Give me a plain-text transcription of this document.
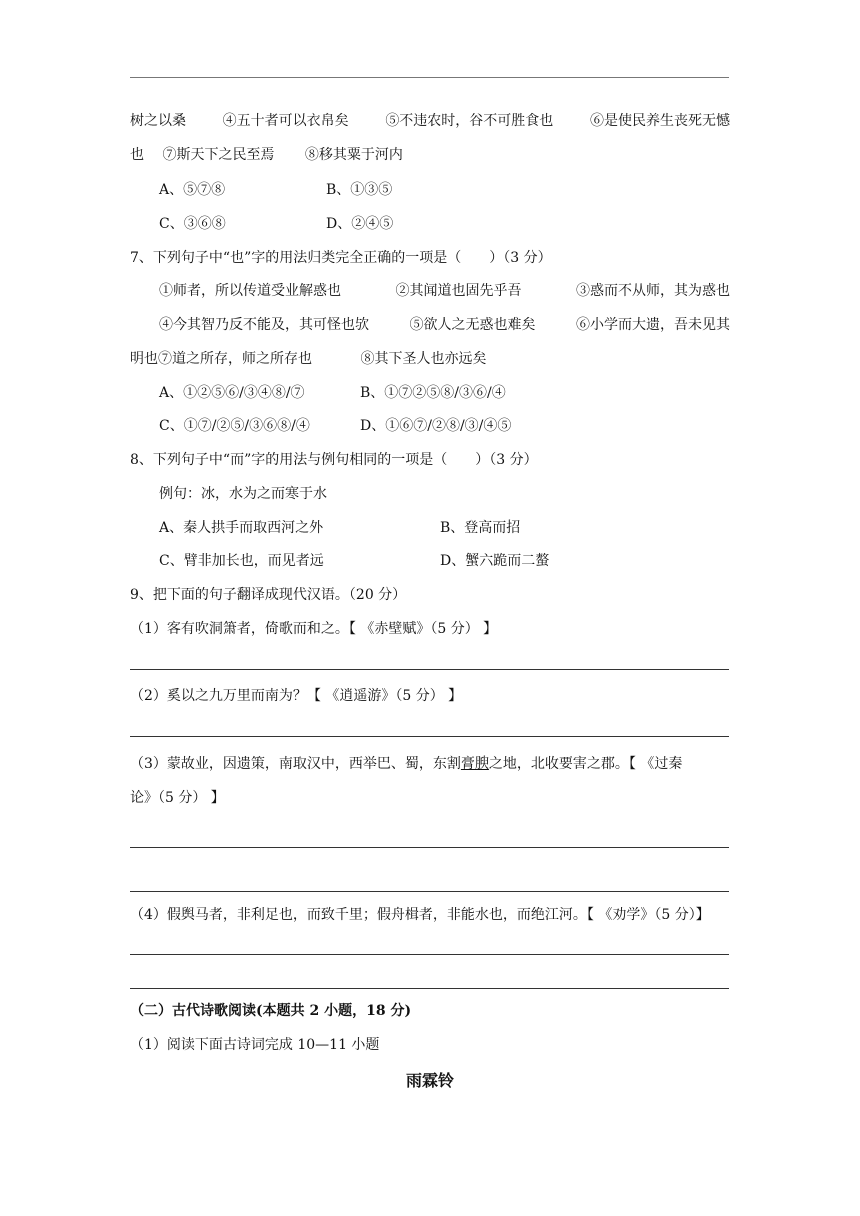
树之以桑	④五十者可以衣帛矣	⑤不违农时，谷不可胜食也	⑥是使民养生丧死无憾
也 ⑦斯天下之民至焉 ⑧移其粟于河内
A、⑤⑦⑧	B、①③⑤
C、③⑥⑧	D、②④⑤
7、下列句子中“也”字的用法归类完全正确的一项是（　　）（3 分）
①师者，所以传道受业解惑也	②其闻道也固先乎吾	③惑而不从师，其为惑也
④今其智乃反不能及，其可怪也欤	⑤欲人之无惑也难矣	⑥小学而大遗，吾未见其
明也⑦道之所存，师之所存也	⑧其下圣人也亦远矣
A、①②⑤⑥/③④⑧/⑦	B、①⑦②⑤⑧/③⑥/④
C、①⑦/②⑤/③⑥⑧/④	D、①⑥⑦/②⑧/③/④⑤
8、下列句子中“而”字的用法与例句相同的一项是（　　）（3 分）
例句：冰，水为之而寒于水
A、秦人拱手而取西河之外	B、登高而招
C、臂非加长也，而见者远	D、蟹六跪而二螯
9、把下面的句子翻译成现代汉语。（20 分）
（1）客有吹洞箫者，倚歌而和之。【 《赤壁赋》（5 分） 】
（2）奚以之九万里而南为？【 《逍遥游》（5 分） 】
（3）蒙故业，因遗策，南取汉中，西举巴、蜀，东割膏腴之地，北收要害之郡。【 《过秦
论》（5 分） 】
（4）假舆马者，非利足也，而致千里；假舟楫者，非能水也，而绝江河。【 《劝学》（5 分）】
（二）古代诗歌阅读(本题共 2 小题，18 分)
（1）阅读下面古诗词完成 10—11 小题
雨霖铃
